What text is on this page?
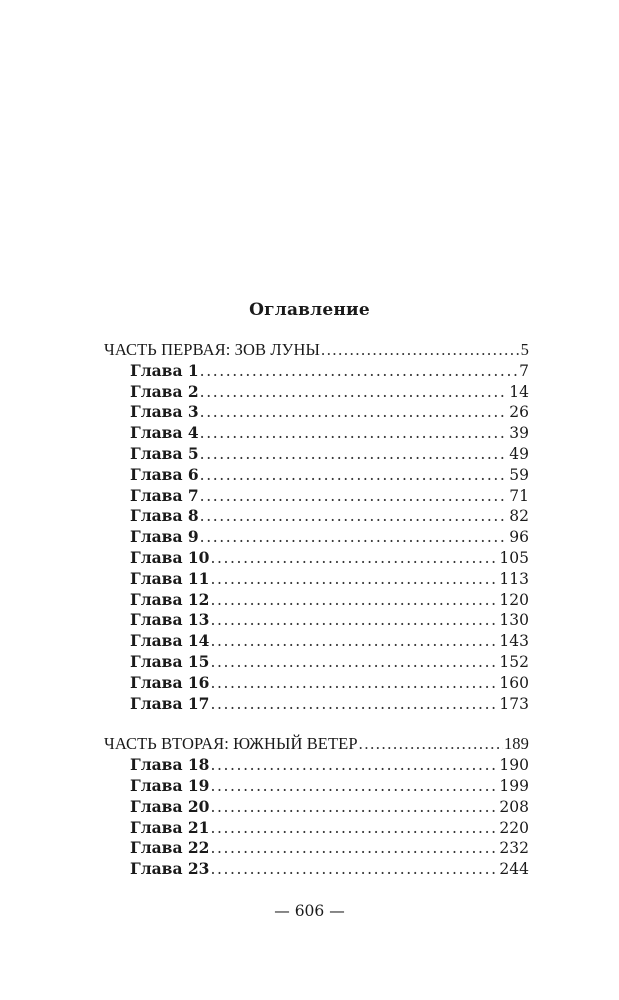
Оглавление
ЧАСТЬ ПЕРВАЯ: ЗОВ ЛУНЫ .....	5
Глава 1 .....	7
Глава 2 .....	14
Глава 3 .....	26
Глава 4 .....	39
Глава 5 .....	49
Глава 6 .....	59
Глава 7 .....	71
Глава 8 .....	82
Глава 9 .....	96
Глава 10 .....	105
Глава 11 .....	113
Глава 12 .....	120
Глава 13 .....	130
Глава 14 .....	143
Глава 15 .....	152
Глава 16 .....	160
Глава 17 .....	173
ЧАСТЬ ВТОРАЯ: ЮЖНЫЙ ВЕТЕР .....	189
Глава 18 .....	190
Глава 19 .....	199
Глава 20 .....	208
Глава 21 .....	220
Глава 22 .....	232
Глава 23 .....	244
— 606 —
